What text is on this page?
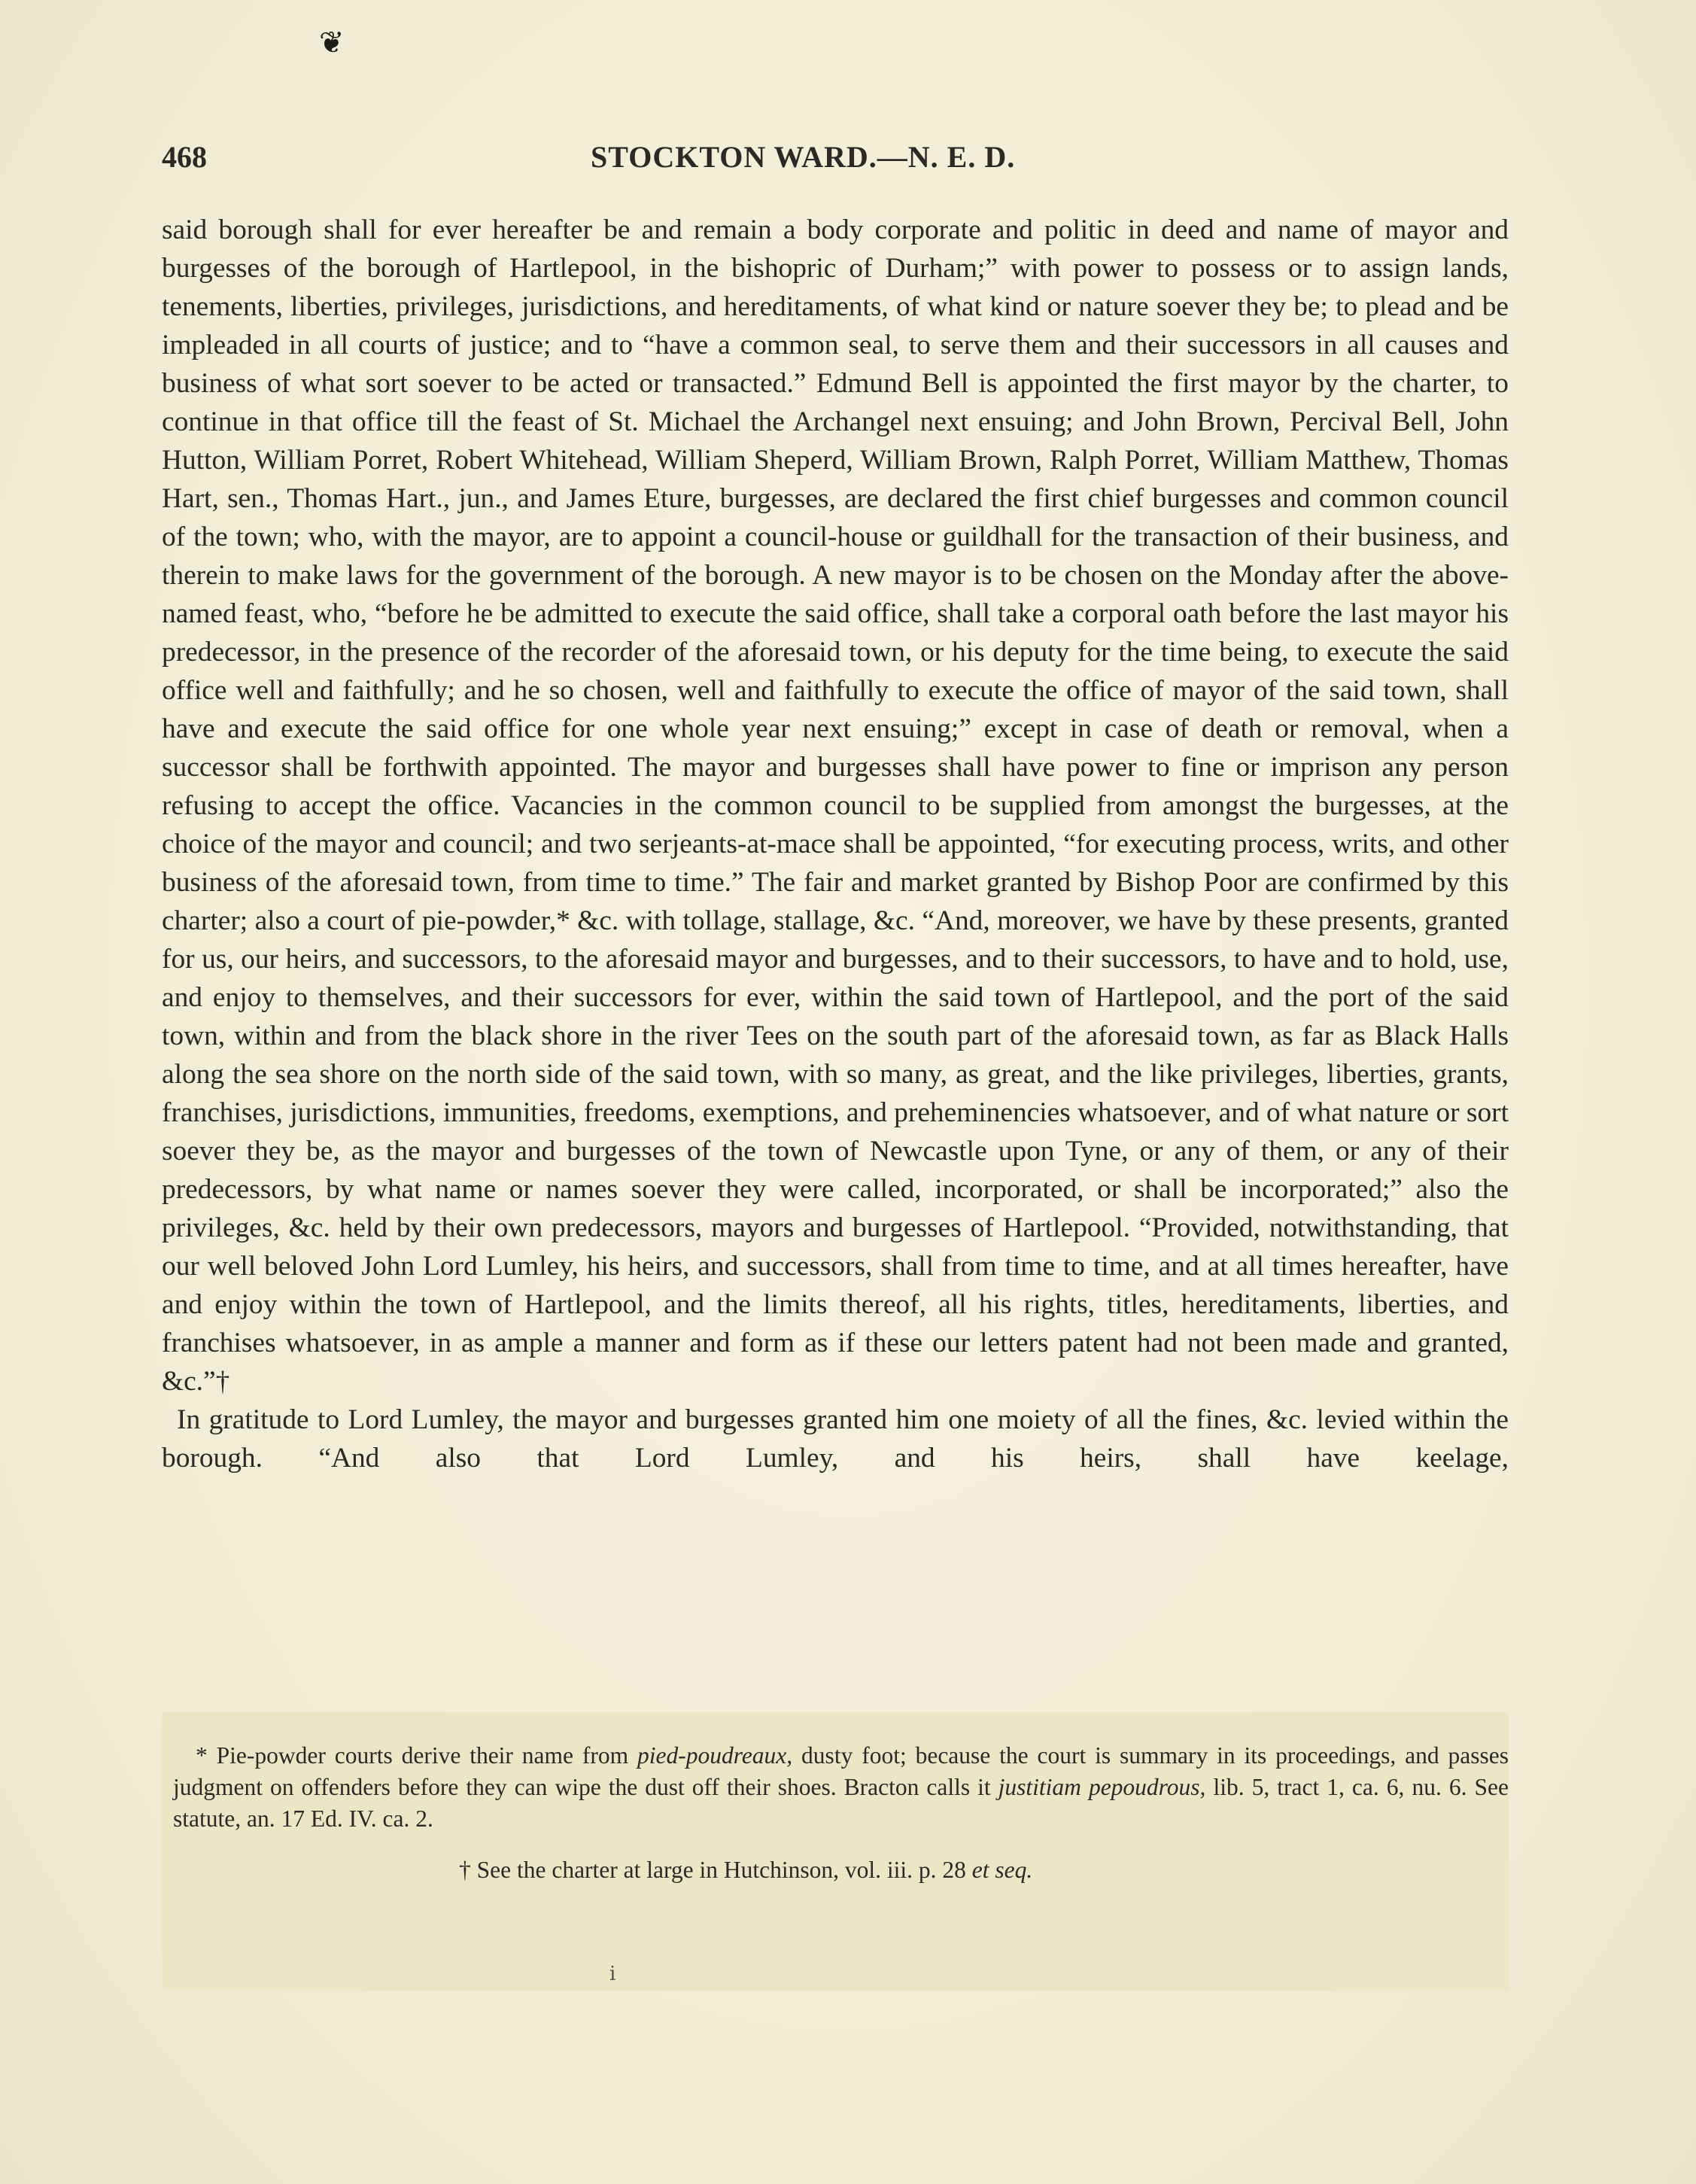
❦
468	STOCKTON WARD.—N. E. D.

said borough shall for ever hereafter be and remain a body corporate and politic in deed and name of mayor and burgesses of the borough of Hartlepool, in the bishopric of Durham;” with power to possess or to assign lands, tenements, liberties, privileges, jurisdictions, and hereditaments, of what kind or nature soever they be; to plead and be impleaded in all courts of justice; and to “have a common seal, to serve them and their successors in all causes and business of what sort soever to be acted or transacted.” Edmund Bell is appointed the first mayor by the charter, to continue in that office till the feast of St. Michael the Archangel next ensuing; and John Brown, Percival Bell, John Hutton, William Porret, Robert Whitehead, William Sheperd, William Brown, Ralph Porret, William Matthew, Thomas Hart, sen., Thomas Hart., jun., and James Eture, burgesses, are declared the first chief burgesses and common council of the town; who, with the mayor, are to appoint a council-house or guildhall for the transaction of their business, and therein to make laws for the government of the borough. A new mayor is to be chosen on the Monday after the above-named feast, who, “before he be admitted to execute the said office, shall take a corporal oath before the last mayor his predecessor, in the presence of the recorder of the aforesaid town, or his deputy for the time being, to execute the said office well and faithfully; and he so chosen, well and faithfully to execute the office of mayor of the said town, shall have and execute the said office for one whole year next ensuing;” except in case of death or removal, when a successor shall be forthwith appointed. The mayor and burgesses shall have power to fine or imprison any person refusing to accept the office. Vacancies in the common council to be supplied from amongst the burgesses, at the choice of the mayor and council; and two serjeants-at-mace shall be appointed, “for executing process, writs, and other business of the aforesaid town, from time to time.” The fair and market granted by Bishop Poor are confirmed by this charter; also a court of pie-powder,* &c. with tollage, stallage, &c. “And, moreover, we have by these presents, granted for us, our heirs, and successors, to the aforesaid mayor and burgesses, and to their successors, to have and to hold, use, and enjoy to themselves, and their successors for ever, within the said town of Hartlepool, and the port of the said town, within and from the black shore in the river Tees on the south part of the aforesaid town, as far as Black Halls along the sea shore on the north side of the said town, with so many, as great, and the like privileges, liberties, grants, franchises, jurisdictions, immunities, freedoms, exemptions, and preheminencies whatsoever, and of what nature or sort soever they be, as the mayor and burgesses of the town of Newcastle upon Tyne, or any of them, or any of their predecessors, by what name or names soever they were called, incorporated, or shall be incorporated;” also the privileges, &c. held by their own predecessors, mayors and burgesses of Hartlepool. “Provided, notwithstanding, that our well beloved John Lord Lumley, his heirs, and successors, shall from time to time, and at all times hereafter, have and enjoy within the town of Hartlepool, and the limits thereof, all his rights, titles, hereditaments, liberties, and franchises whatsoever, in as ample a manner and form as if these our letters patent had not been made and granted, &c.”†

In gratitude to Lord Lumley, the mayor and burgesses granted him one moiety of all the fines, &c. levied within the borough. “And also that Lord Lumley, and his heirs, shall have keelage,

* Pie-powder courts derive their name from pied-poudreaux, dusty foot; because the court is summary in its proceedings, and passes judgment on offenders before they can wipe the dust off their shoes. Bracton calls it justitiam pepoudrous, lib. 5, tract 1, ca. 6, nu. 6. See statute, an. 17 Ed. IV. ca. 2.

† See the charter at large in Hutchinson, vol. iii. p. 28 et seq.

i
